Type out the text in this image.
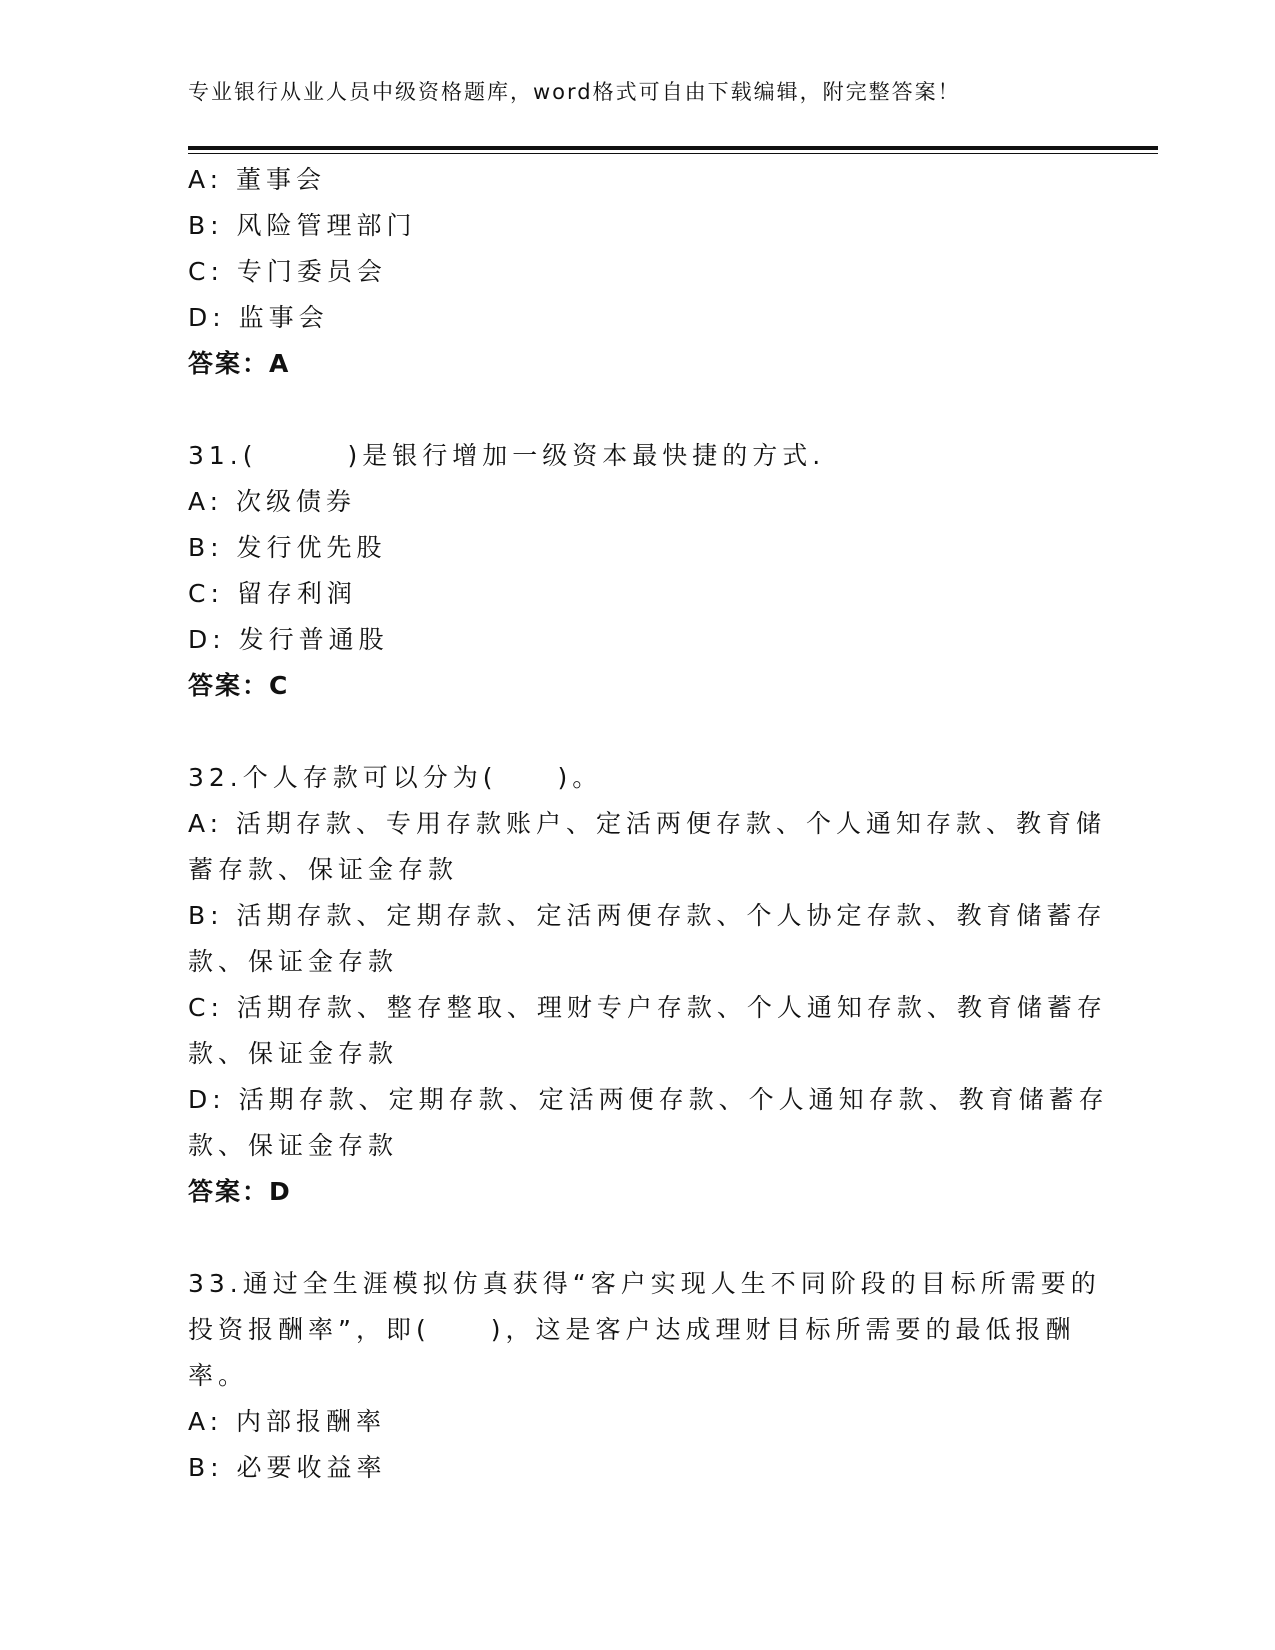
专业银行从业人员中级资格题库，word格式可自由下载编辑，附完整答案！
A: 董事会
B: 风险管理部门
C: 专门委员会
D: 监事会
答案：A
31.(　　　)是银行增加一级资本最快捷的方式.
A: 次级债券
B: 发行优先股
C: 留存利润
D: 发行普通股
答案：C
32.个人存款可以分为(　　)。
A: 活期存款、专用存款账户、定活两便存款、个人通知存款、教育储
蓄存款、保证金存款
B: 活期存款、定期存款、定活两便存款、个人协定存款、教育储蓄存
款、保证金存款
C: 活期存款、整存整取、理财专户存款、个人通知存款、教育储蓄存
款、保证金存款
D: 活期存款、定期存款、定活两便存款、个人通知存款、教育储蓄存
款、保证金存款
答案：D
33.通过全生涯模拟仿真获得“客户实现人生不同阶段的目标所需要的
投资报酬率”，即(　　)，这是客户达成理财目标所需要的最低报酬
率。
A: 内部报酬率
B: 必要收益率
